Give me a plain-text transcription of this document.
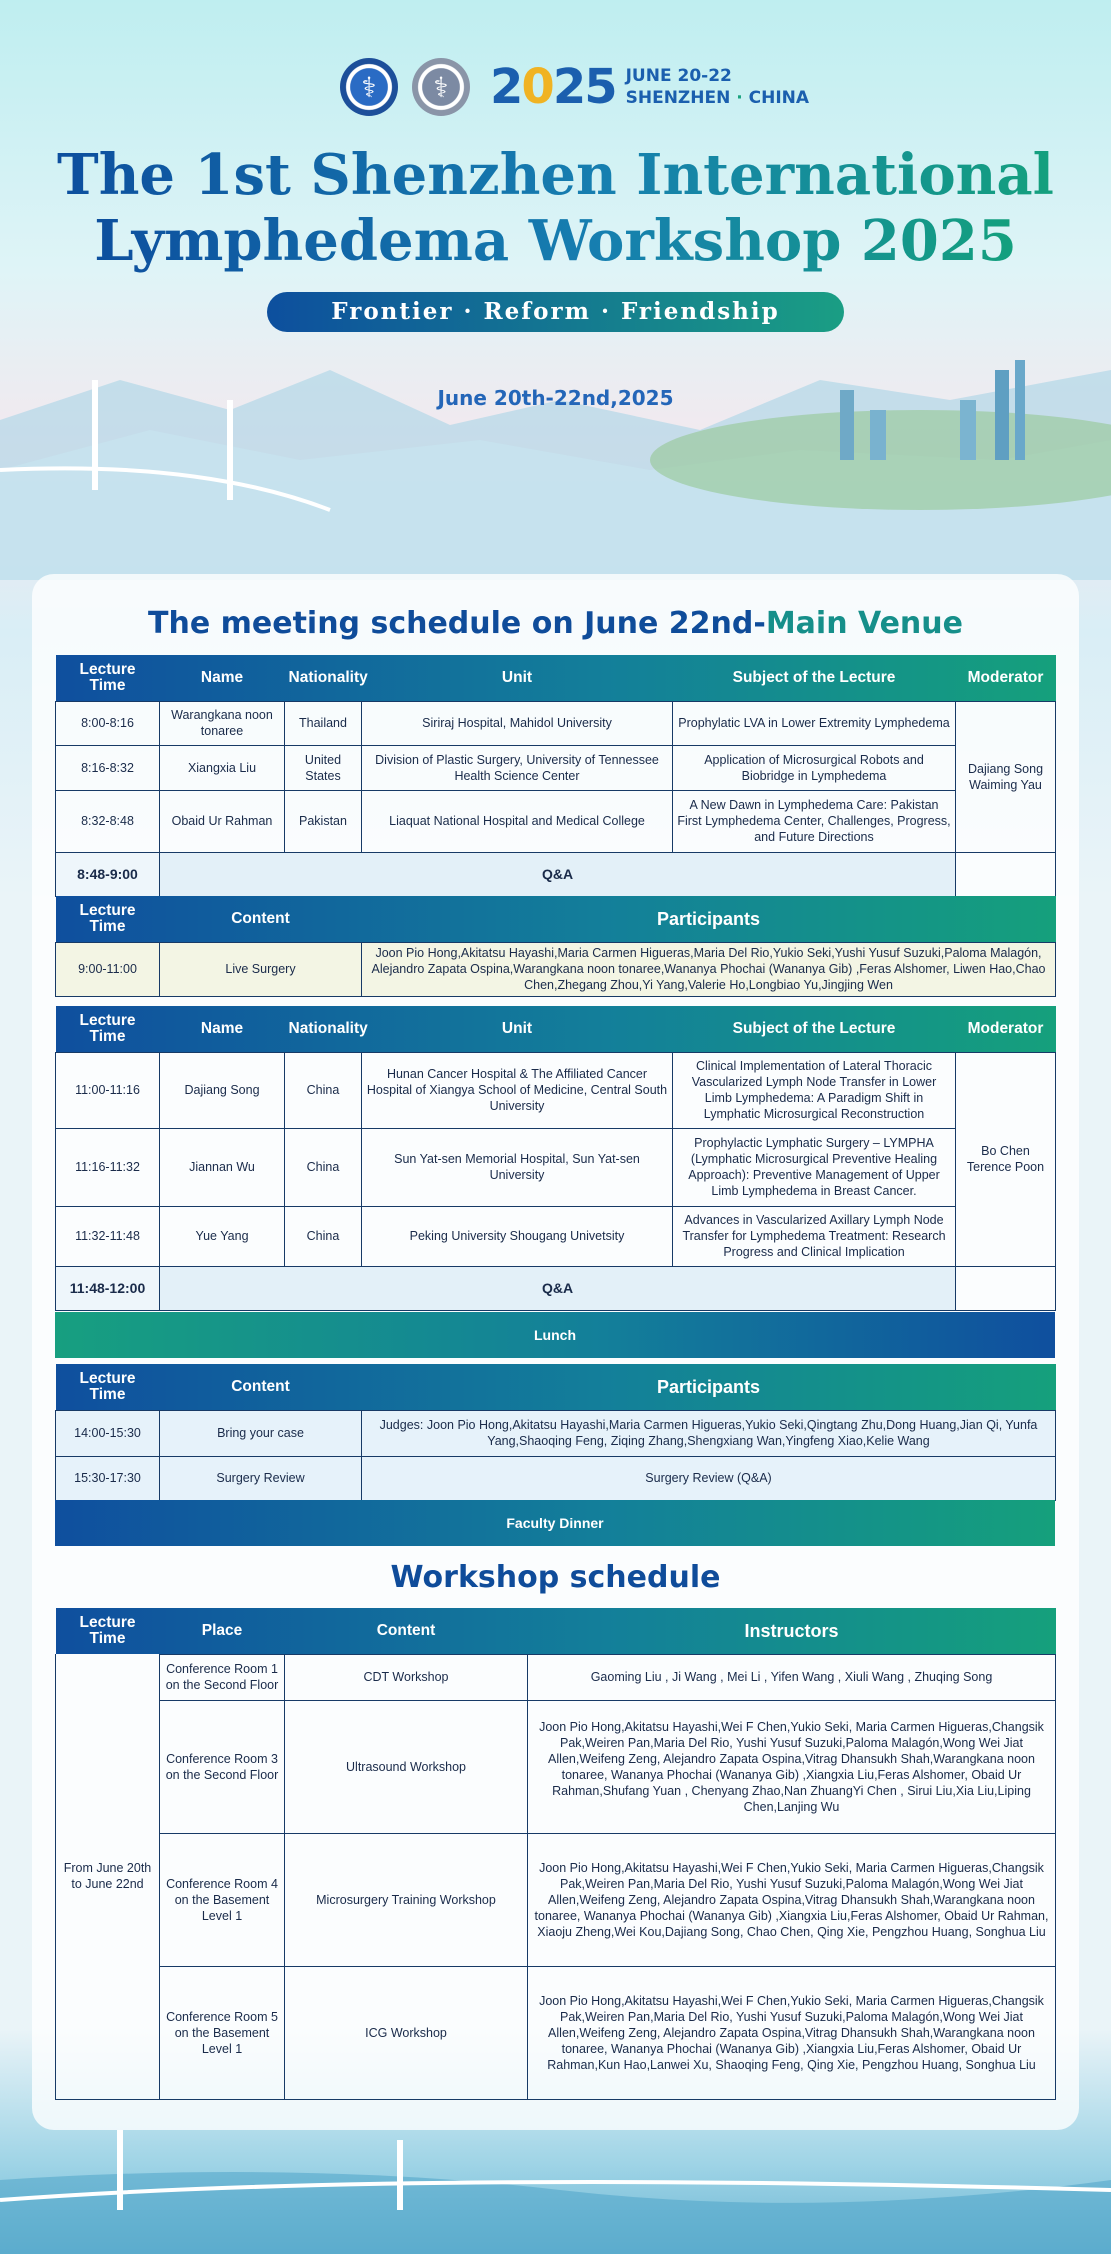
⚕	⚕ 2025 JUNE 20-22
SHENZHEN · CHINA
The 1st Shenzhen International
Lymphedema Workshop 2025
Frontier · Reform · Friendship
June 20th-22nd,2025
The meeting schedule on June 22nd-Main Venue
Lecture Time	Name	Nationality	Unit	Subject of the Lecture	Moderator
8:00-8:16	Warangkana noon tonaree	Thailand	Siriraj Hospital, Mahidol University	Prophylatic LVA in Lower Extremity Lymphedema	Dajiang Song Waiming Yau
8:16-8:32	Xiangxia Liu	United States	Division of Plastic Surgery, University of Tennessee Health Science Center	Application of Microsurgical Robots and Biobridge in Lymphedema	
8:32-8:48	Obaid Ur Rahman	Pakistan	Liaquat National Hospital and Medical College	A New Dawn in Lymphedema Care: Pakistan First Lymphedema Center, Challenges, Progress, and Future Directions	
8:48-9:00	Q&A				
Lecture Time	Content	Participants
9:00-11:00	Live Surgery	Joon Pio Hong,Akitatsu Hayashi,Maria Carmen Higueras,Maria Del Rio,Yukio Seki,Yushi Yusuf Suzuki,Paloma Malagón, Alejandro Zapata Ospina,Warangkana noon tonaree,Wananya Phochai (Wananya Gib) ,Feras Alshomer, Liwen Hao,Chao Chen,Zhegang Zhou,Yi Yang,Valerie Ho,Longbiao Yu,Jingjing Wen
Lecture Time	Name	Nationality	Unit	Subject of the Lecture	Moderator
11:00-11:16	Dajiang Song	China	Hunan Cancer Hospital & The Affiliated Cancer Hospital of Xiangya School of Medicine, Central South University	Clinical Implementation of Lateral Thoracic Vascularized Lymph Node Transfer in Lower Limb Lymphedema: A Paradigm Shift in Lymphatic Microsurgical Reconstruction	Bo Chen Terence Poon
11:16-11:32	Jiannan Wu	China	Sun Yat-sen Memorial Hospital, Sun Yat-sen University	Prophylactic Lymphatic Surgery – LYMPHA (Lymphatic Microsurgical Preventive Healing Approach): Preventive Management of Upper Limb Lymphedema in Breast Cancer.	
11:32-11:48	Yue Yang	China	Peking University Shougang Univetsity	Advances in Vascularized Axillary Lymph Node Transfer for Lymphedema Treatment: Research Progress and Clinical Implication	
11:48-12:00	Q&A				
Lunch
Lecture Time	Content	Participants
14:00-15:30	Bring your case	Judges: Joon Pio Hong,Akitatsu Hayashi,Maria Carmen Higueras,Yukio Seki,Qingtang Zhu,Dong Huang,Jian Qi, Yunfa Yang,Shaoqing Feng, Ziqing Zhang,Shengxiang Wan,Yingfeng Xiao,Kelie Wang
15:30-17:30	Surgery Review	Surgery Review (Q&A)
Faculty Dinner
Workshop schedule
Lecture Time	Place	Content	Instructors
From June 20th to June 22nd	Conference Room 1 on the Second Floor	CDT Workshop	Gaoming Liu , Ji Wang , Mei Li , Yifen Wang , Xiuli Wang , Zhuqing Song
	Conference Room 3 on the Second Floor	Ultrasound Workshop	Joon Pio Hong,Akitatsu Hayashi,Wei F Chen,Yukio Seki, Maria Carmen Higueras,Changsik Pak,Weiren Pan,Maria Del Rio, Yushi Yusuf Suzuki,Paloma Malagón,Wong Wei Jiat Allen,Weifeng Zeng, Alejandro Zapata Ospina,Vitrag Dhansukh Shah,Warangkana noon tonaree, Wananya Phochai (Wananya Gib) ,Xiangxia Liu,Feras Alshomer, Obaid Ur Rahman,Shufang Yuan , Chenyang Zhao,Nan ZhuangYi Chen , Sirui Liu,Xia Liu,Liping Chen,Lanjing Wu
	Conference Room 4 on the Basement Level 1	Microsurgery Training Workshop	Joon Pio Hong,Akitatsu Hayashi,Wei F Chen,Yukio Seki, Maria Carmen Higueras,Changsik Pak,Weiren Pan,Maria Del Rio, Yushi Yusuf Suzuki,Paloma Malagón,Wong Wei Jiat Allen,Weifeng Zeng, Alejandro Zapata Ospina,Vitrag Dhansukh Shah,Warangkana noon tonaree, Wananya Phochai (Wananya Gib) ,Xiangxia Liu,Feras Alshomer, Obaid Ur Rahman, Xiaoju Zheng,Wei Kou,Dajiang Song, Chao Chen, Qing Xie, Pengzhou Huang, Songhua Liu
	Conference Room 5 on the Basement Level 1	ICG Workshop	Joon Pio Hong,Akitatsu Hayashi,Wei F Chen,Yukio Seki, Maria Carmen Higueras,Changsik Pak,Weiren Pan,Maria Del Rio, Yushi Yusuf Suzuki,Paloma Malagón,Wong Wei Jiat Allen,Weifeng Zeng, Alejandro Zapata Ospina,Vitrag Dhansukh Shah,Warangkana noon tonaree, Wananya Phochai (Wananya Gib) ,Xiangxia Liu,Feras Alshomer, Obaid Ur Rahman,Kun Hao,Lanwei Xu, Shaoqing Feng, Qing Xie, Pengzhou Huang, Songhua Liu
